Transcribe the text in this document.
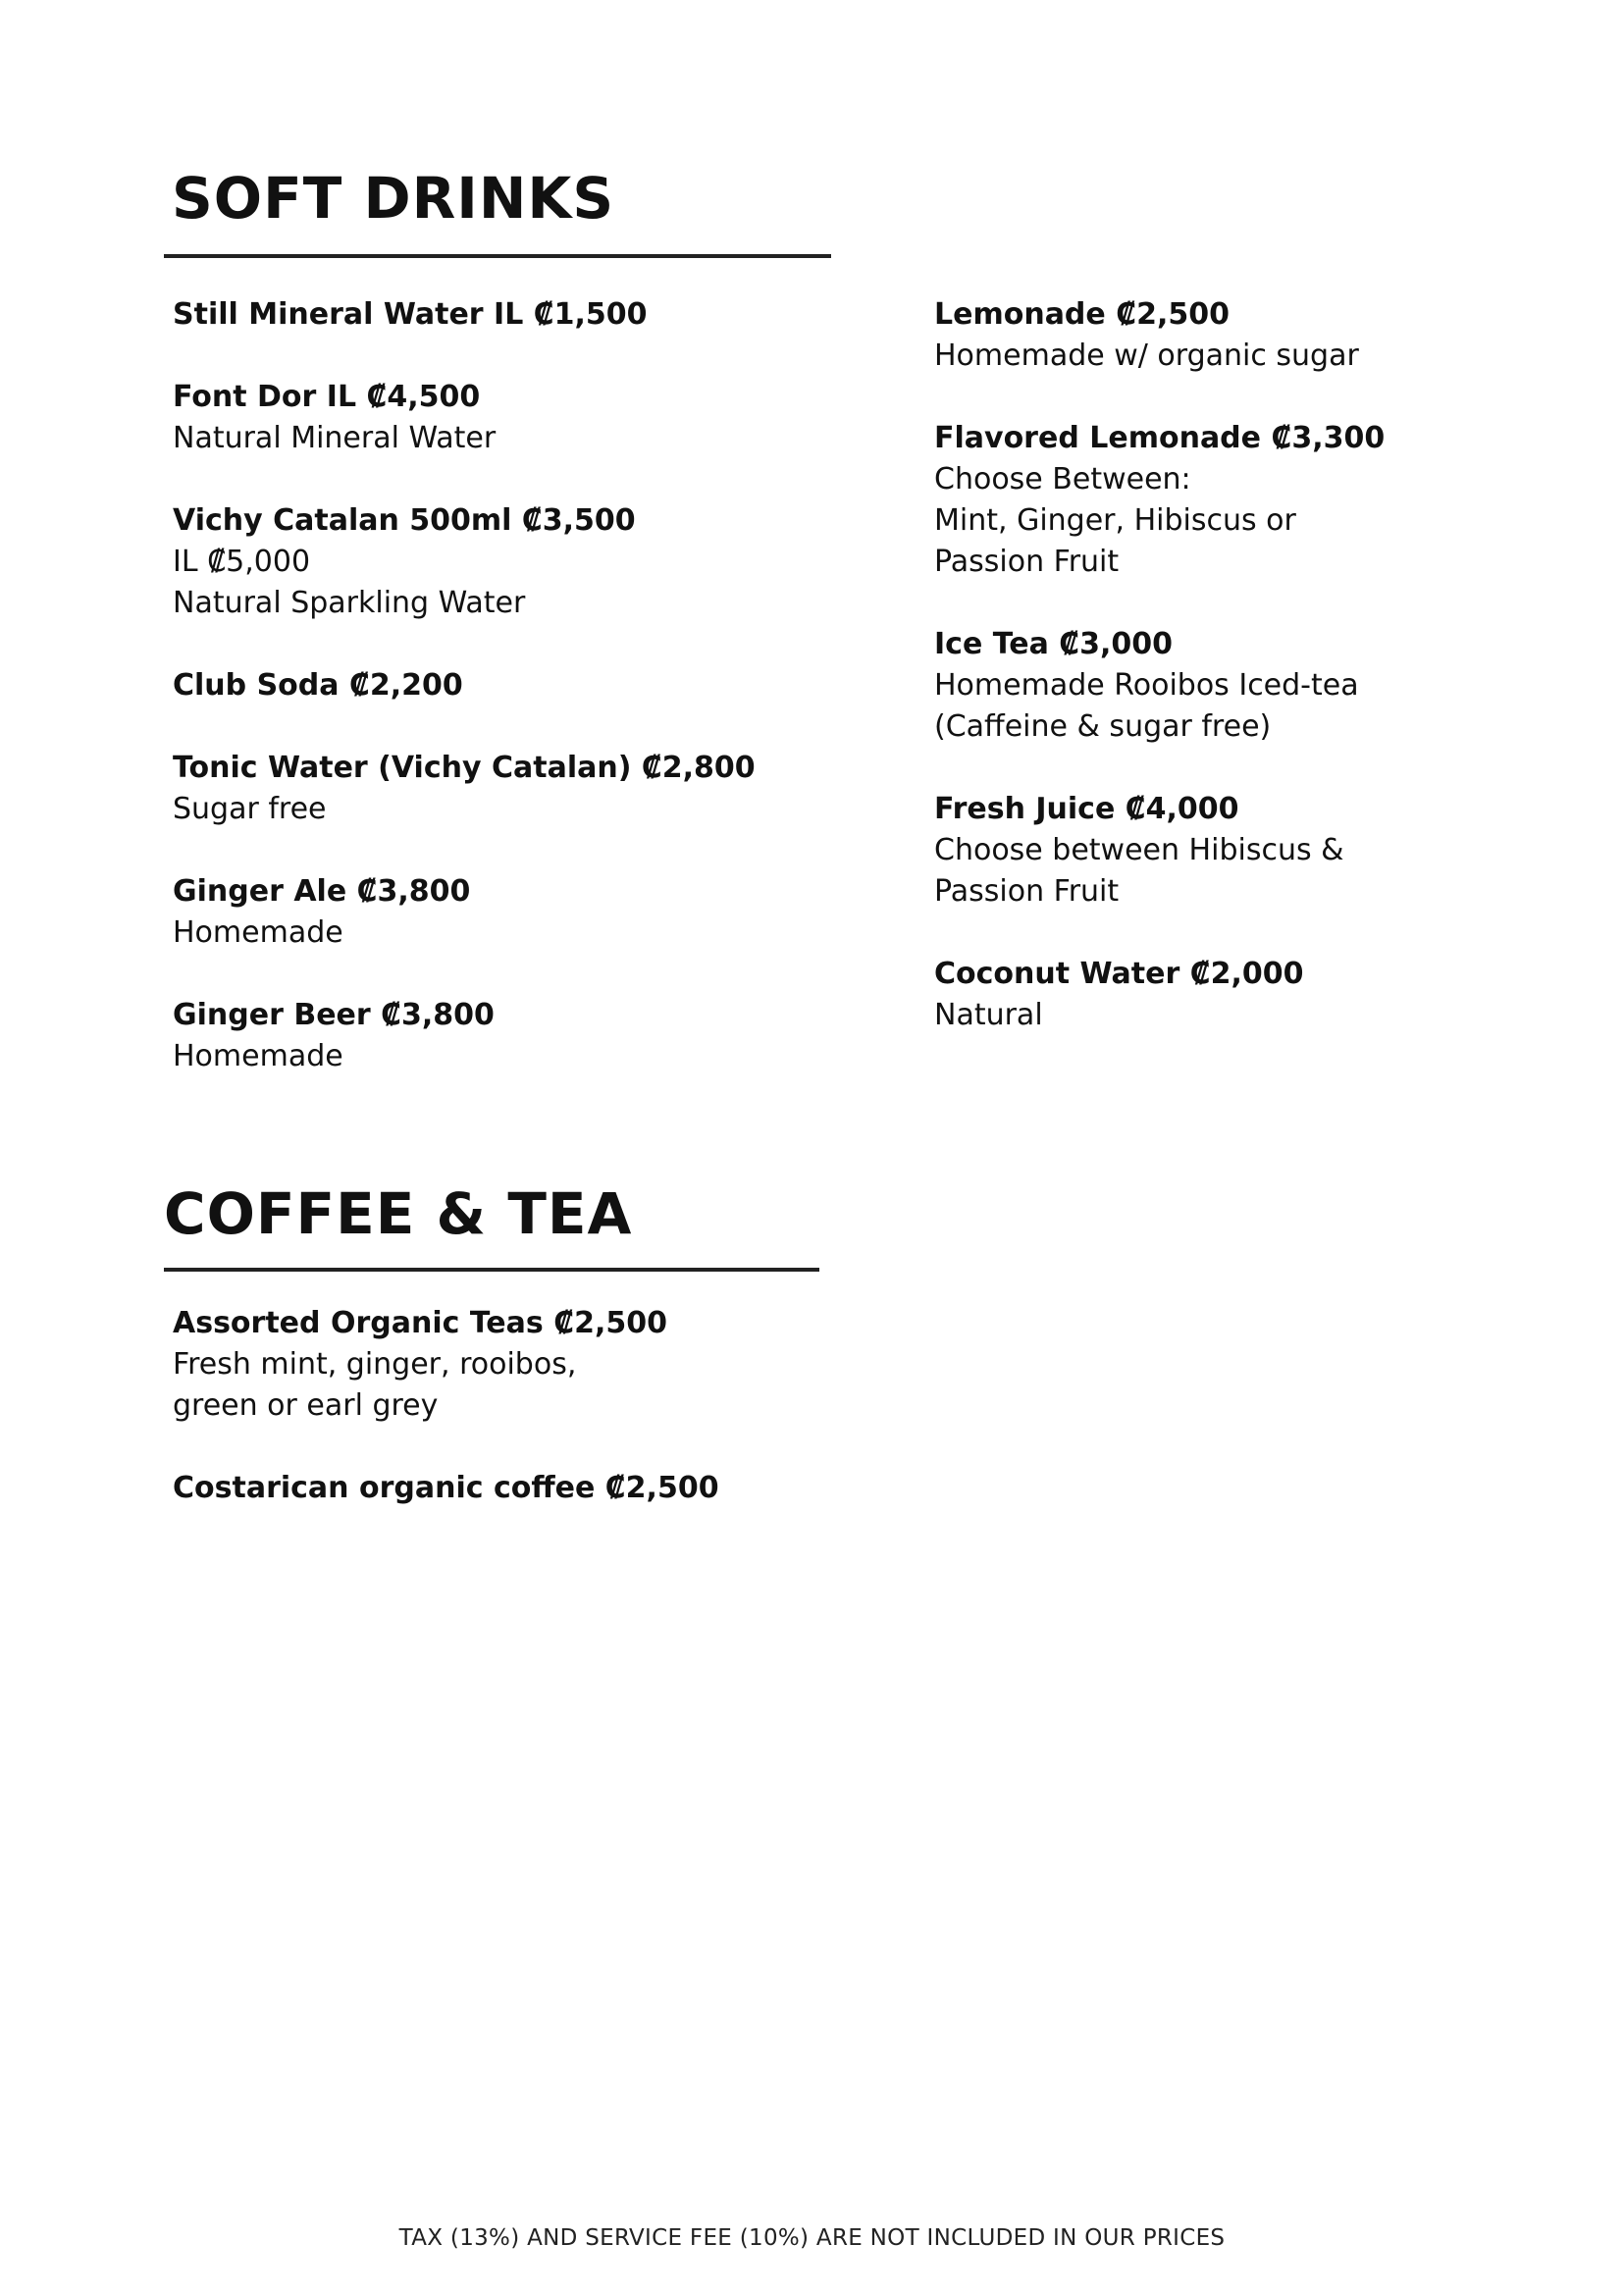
SOFT DRINKS
Still Mineral Water IL ₡1,500
Font Dor IL ₡4,500
Natural Mineral Water
Vichy Catalan 500ml ₡3,500
IL ₡5,000
Natural Sparkling Water
Club Soda ₡2,200
Tonic Water (Vichy Catalan) ₡2,800
Sugar free
Ginger Ale ₡3,800
Homemade
Ginger Beer ₡3,800
Homemade
Lemonade ₡2,500
Homemade w/ organic sugar
Flavored Lemonade ₡3,300
Choose Between:
Mint, Ginger, Hibiscus or
Passion Fruit
Ice Tea ₡3,000
Homemade Rooibos Iced-tea
(Caffeine & sugar free)
Fresh Juice ₡4,000
Choose between Hibiscus &
Passion Fruit
Coconut Water ₡2,000
Natural
COFFEE & TEA
Assorted Organic Teas ₡2,500
Fresh mint, ginger, rooibos,
green or earl grey
Costarican organic coffee ₡2,500
TAX (13%) AND SERVICE FEE (10%) ARE NOT INCLUDED IN OUR PRICES
